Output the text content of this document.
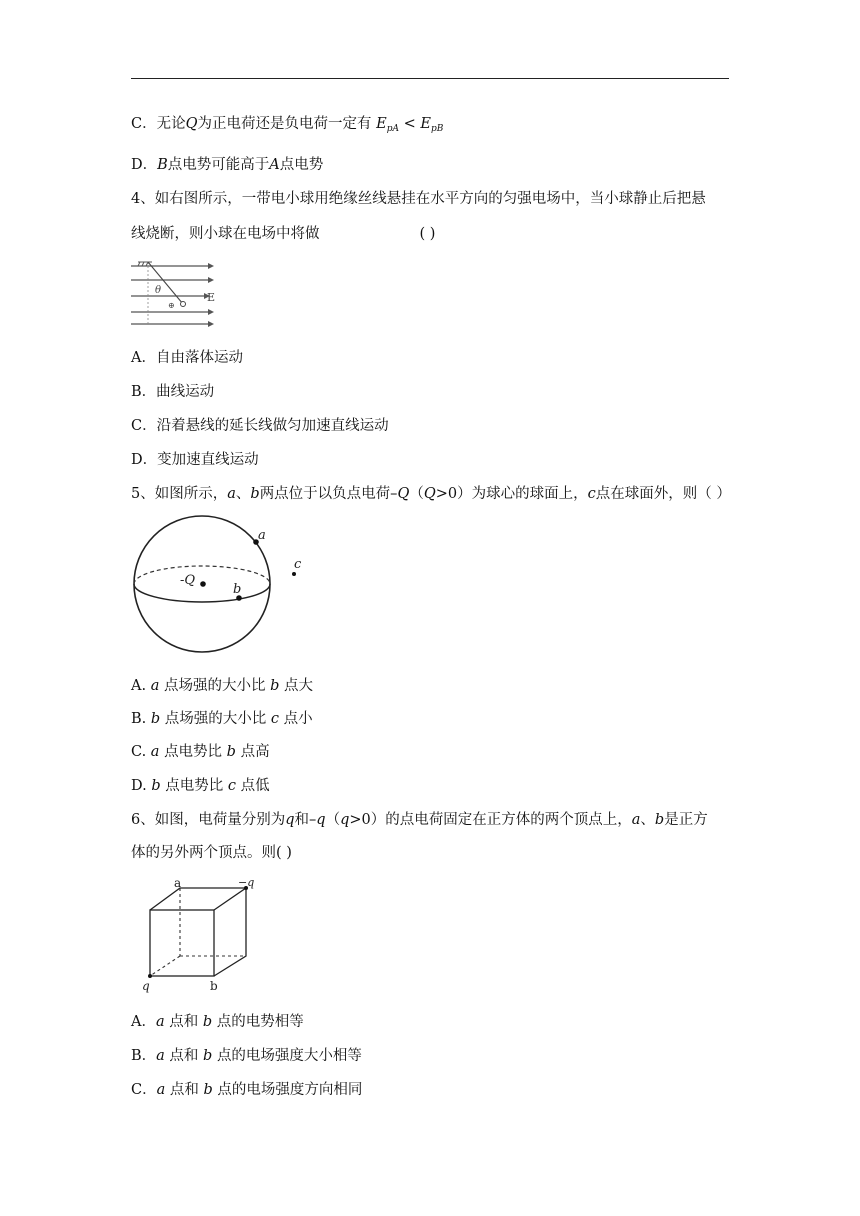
C．无论Q为正电荷还是负电荷一定有 $E_{pA} < E_{pB}$
D．B点电势可能高于A点电势
4、如右图所示，一带电小球用绝缘丝线悬挂在水平方向的匀强电场中，当小球静止后把悬
线烧断，则小球在电场中将做	( )
θ
⊕
E
A．自由落体运动
B．曲线运动
C．沿着悬线的延长线做匀加速直线运动
D．变加速直线运动
5、如图所示，a、b两点位于以负点电荷–Q（Q>0）为球心的球面上，c点在球面外，则（ ）
-Q
a
b
c
A. a 点场强的大小比 b 点大
B. b 点场强的大小比 c 点小
C. a 点电势比 b 点高
D. b 点电势比 c 点低
6、如图，电荷量分别为q和–q（q>0）的点电荷固定在正方体的两个顶点上，a、b是正方
体的另外两个顶点。则( )
a	−q
q	b
A．a 点和 b 点的电势相等
B．a 点和 b 点的电场强度大小相等
C．a 点和 b 点的电场强度方向相同
